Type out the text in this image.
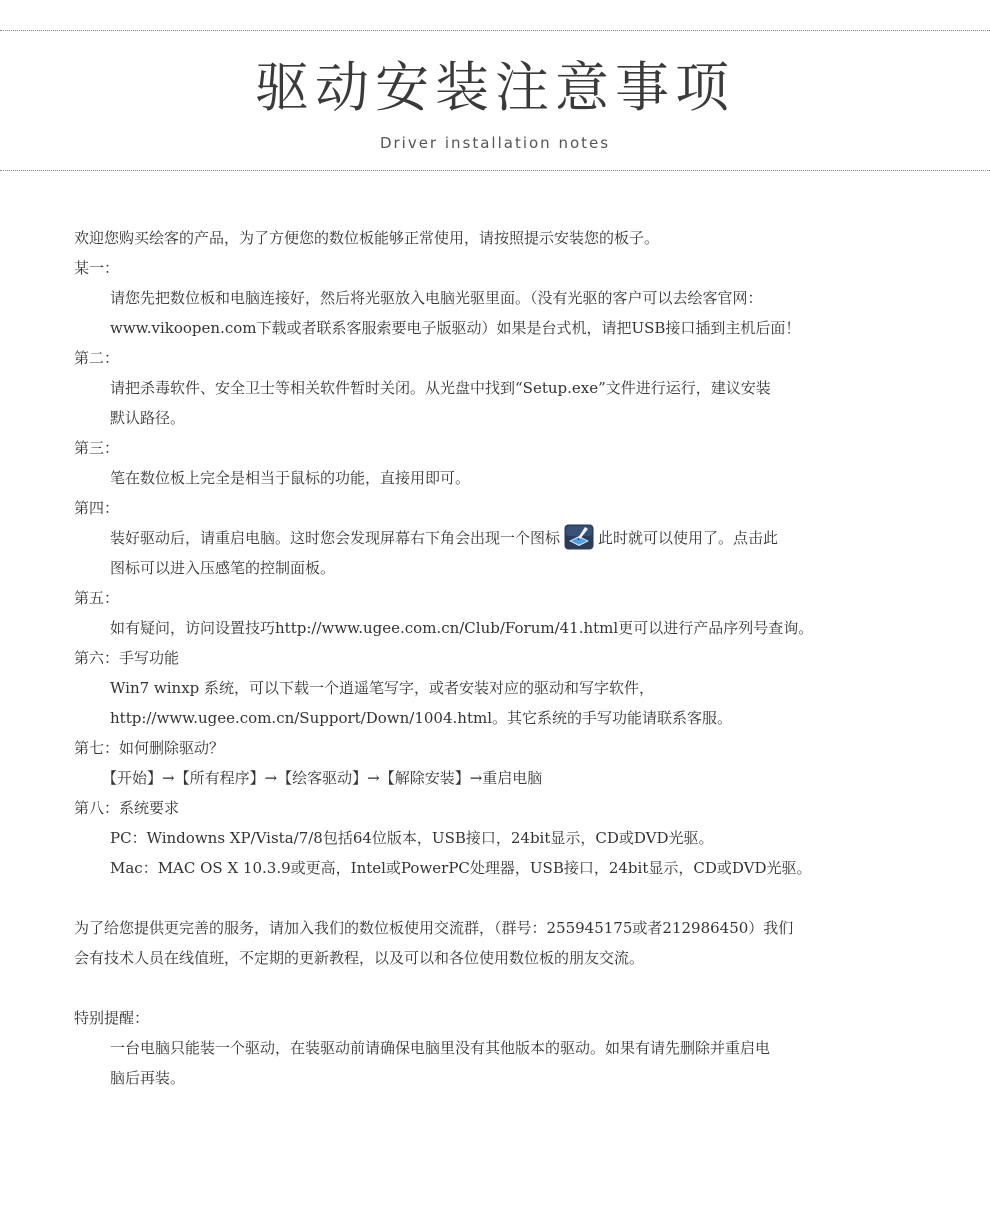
驱动安装注意事项
Driver installation notes

欢迎您购买绘客的产品，为了方便您的数位板能够正常使用，请按照提示安装您的板子。

某一：

请您先把数位板和电脑连接好，然后将光驱放入电脑光驱里面。（没有光驱的客户可以去绘客官网：

www.vikoopen.com下载或者联系客服索要电子版驱动）如果是台式机，请把USB接口插到主机后面！

第二：

请把杀毒软件、安全卫士等相关软件暂时关闭。从光盘中找到“Setup.exe”文件进行运行，建议安装

默认路径。

第三：

笔在数位板上完全是相当于鼠标的功能，直接用即可。

第四：

装好驱动后，请重启电脑。这时您会发现屏幕右下角会出现一个图标	此时就可以使用了。点击此

图标可以进入压感笔的控制面板。

第五：

如有疑问，访问设置技巧http://www.ugee.com.cn/Club/Forum/41.html更可以进行产品序列号查询。

第六：手写功能

Win7 winxp 系统，可以下载一个逍遥笔写字，或者安装对应的驱动和写字软件，

http://www.ugee.com.cn/Support/Down/1004.html。其它系统的手写功能请联系客服。

第七：如何删除驱动？

【开始】→【所有程序】→【绘客驱动】→【解除安装】→重启电脑

第八：系统要求

PC：Windowns XP/Vista/7/8包括64位版本，USB接口，24bit显示，CD或DVD光驱。

Mac：MAC OS X 10.3.9或更高，Intel或PowerPC处理器，USB接口，24bit显示，CD或DVD光驱。

为了给您提供更完善的服务，请加入我们的数位板使用交流群，（群号：255945175或者212986450）我们

会有技术人员在线值班，不定期的更新教程，以及可以和各位使用数位板的朋友交流。

特别提醒：

一台电脑只能装一个驱动，在装驱动前请确保电脑里没有其他版本的驱动。如果有请先删除并重启电

脑后再装。
